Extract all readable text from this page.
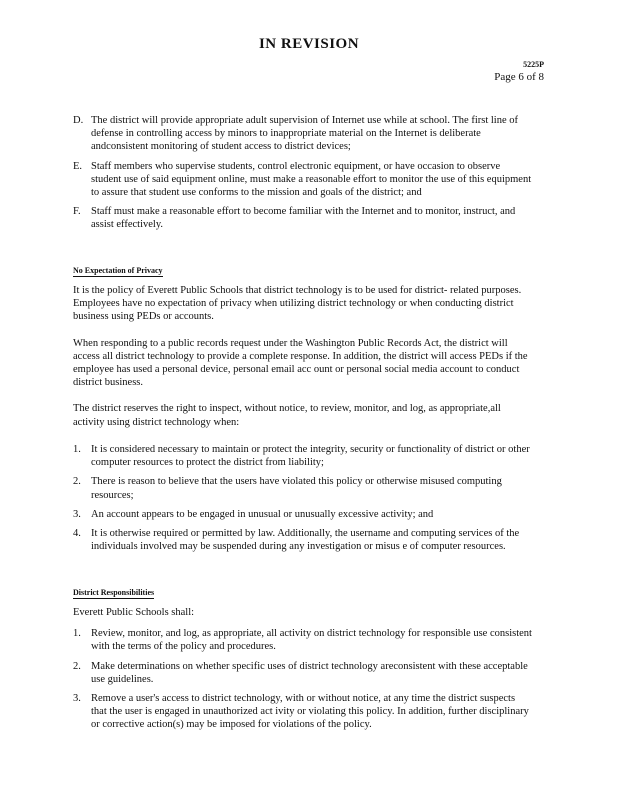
IN REVISION
5225P
Page 6 of 8
D. The district will provide appropriate adult supervision of Internet use while at school. The first line of defense in controlling access by minors to inappropriate material on the Internet is deliberate andconsistent monitoring of student access to district devices;
E. Staff members who supervise students, control electronic equipment, or have occasion to observe student use of said equipment online, must make a reasonable effort to monitor the use of this equipment to assure that student use conforms to the mission and goals of the district; and
F. Staff must make a reasonable effort to become familiar with the Internet and to monitor, instruct, and assist effectively.
No Expectation of Privacy

It is the policy of Everett Public Schools that district technology is to be used for district- related purposes. Employees have no expectation of privacy when utilizing district technology or when conducting district business using PEDs or accounts.

When responding to a public records request under the Washington Public Records Act, the district will access all district technology to provide a complete response. In addition, the district will access PEDs if the employee has used a personal device, personal email acc ount or personal social media account to conduct district business.

The district reserves the right to inspect, without notice, to review, monitor, and log, as appropriate,all activity using district technology when:

1. It is considered necessary to maintain or protect the integrity, security or functionality of district or other computer resources to protect the district from liability;
2. There is reason to believe that the users have violated this policy or otherwise misused computing resources;
3. An account appears to be engaged in unusual or unusually excessive activity; and
4. It is otherwise required or permitted by law. Additionally, the username and computing services of the individuals involved may be suspended during any investigation or misus e of computer resources.
District Responsibilities

Everett Public Schools shall:

1. Review, monitor, and log, as appropriate, all activity on district technology for responsible use consistent with the terms of the policy and procedures.
2. Make determinations on whether specific uses of district technology areconsistent with these acceptable use guidelines.
3. Remove a user's access to district technology, with or without notice, at any time the district suspects that the user is engaged in unauthorized act ivity or violating this policy. In addition, further disciplinary or corrective action(s) may be imposed for violations of the policy.
